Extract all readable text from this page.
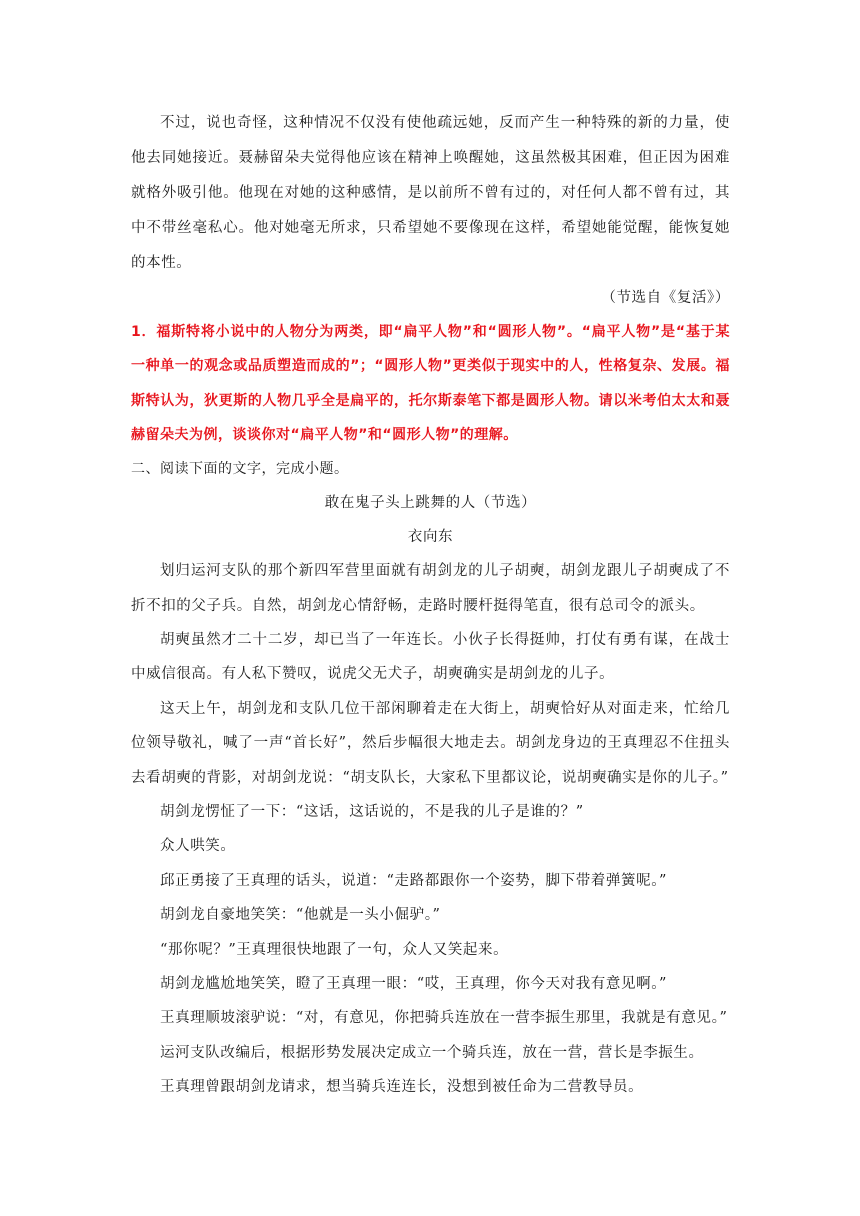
不过，说也奇怪，这种情况不仅没有使他疏远她，反而产生一种特殊的新的力量，使他去同她接近。聂赫留朵夫觉得他应该在精神上唤醒她，这虽然极其困难，但正因为困难就格外吸引他。他现在对她的这种感情，是以前所不曾有过的，对任何人都不曾有过，其中不带丝毫私心。他对她毫无所求，只希望她不要像现在这样，希望她能觉醒，能恢复她的本性。

（节选自《复活》）

1．福斯特将小说中的人物分为两类，即“扁平人物”和“圆形人物”。“扁平人物”是“基于某一种单一的观念或品质塑造而成的”；“圆形人物”更类似于现实中的人，性格复杂、发展。福斯特认为，狄更斯的人物几乎全是扁平的，托尔斯泰笔下都是圆形人物。请以米考伯太太和聂赫留朵夫为例，谈谈你对“扁平人物”和“圆形人物”的理解。

二、阅读下面的文字，完成小题。

敢在鬼子头上跳舞的人（节选）

衣向东

划归运河支队的那个新四军营里面就有胡剑龙的儿子胡奭，胡剑龙跟儿子胡奭成了不折不扣的父子兵。自然，胡剑龙心情舒畅，走路时腰杆挺得笔直，很有总司令的派头。

胡奭虽然才二十二岁，却已当了一年连长。小伙子长得挺帅，打仗有勇有谋，在战士中威信很高。有人私下赞叹，说虎父无犬子，胡奭确实是胡剑龙的儿子。

这天上午，胡剑龙和支队几位干部闲聊着走在大街上，胡奭恰好从对面走来，忙给几位领导敬礼，喊了一声“首长好”，然后步幅很大地走去。胡剑龙身边的王真理忍不住扭头去看胡奭的背影，对胡剑龙说：“胡支队长，大家私下里都议论，说胡奭确实是你的儿子。”

胡剑龙愣怔了一下：“这话，这话说的，不是我的儿子是谁的？”

众人哄笑。

邱正勇接了王真理的话头，说道：“走路都跟你一个姿势，脚下带着弹簧呢。”

胡剑龙自豪地笑笑：“他就是一头小倔驴。”

“那你呢？”王真理很快地跟了一句，众人又笑起来。

胡剑龙尴尬地笑笑，瞪了王真理一眼：“哎，王真理，你今天对我有意见啊。”

王真理顺坡滚驴说：“对，有意见，你把骑兵连放在一营李振生那里，我就是有意见。”

运河支队改编后，根据形势发展决定成立一个骑兵连，放在一营，营长是李振生。

王真理曾跟胡剑龙请求，想当骑兵连连长，没想到被任命为二营教导员。
